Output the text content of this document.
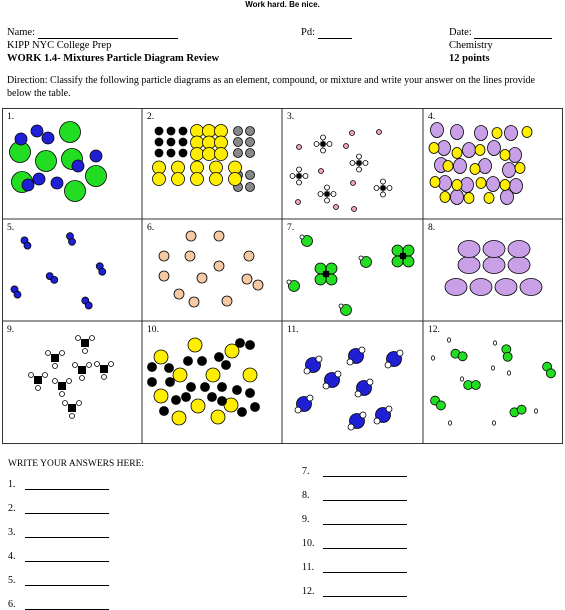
Work hard. Be nice.
Name:	Pd:	Date:
KIPP NYC College Prep	Chemistry
WORK 1.4- Mixtures Particle Diagram Review	12 points
Direction: Classify the following particle diagrams as an element, compound, or mixture and write your answer on the lines provide below the table.
1.	2.	3.	4.
5.	6.	7.	8.
9.	10.	11.	12.
WRITE YOUR ANSWERS HERE:
1.
2.
3.
4.
5.
6.
7.
8.
9.
10.
11.
12.
